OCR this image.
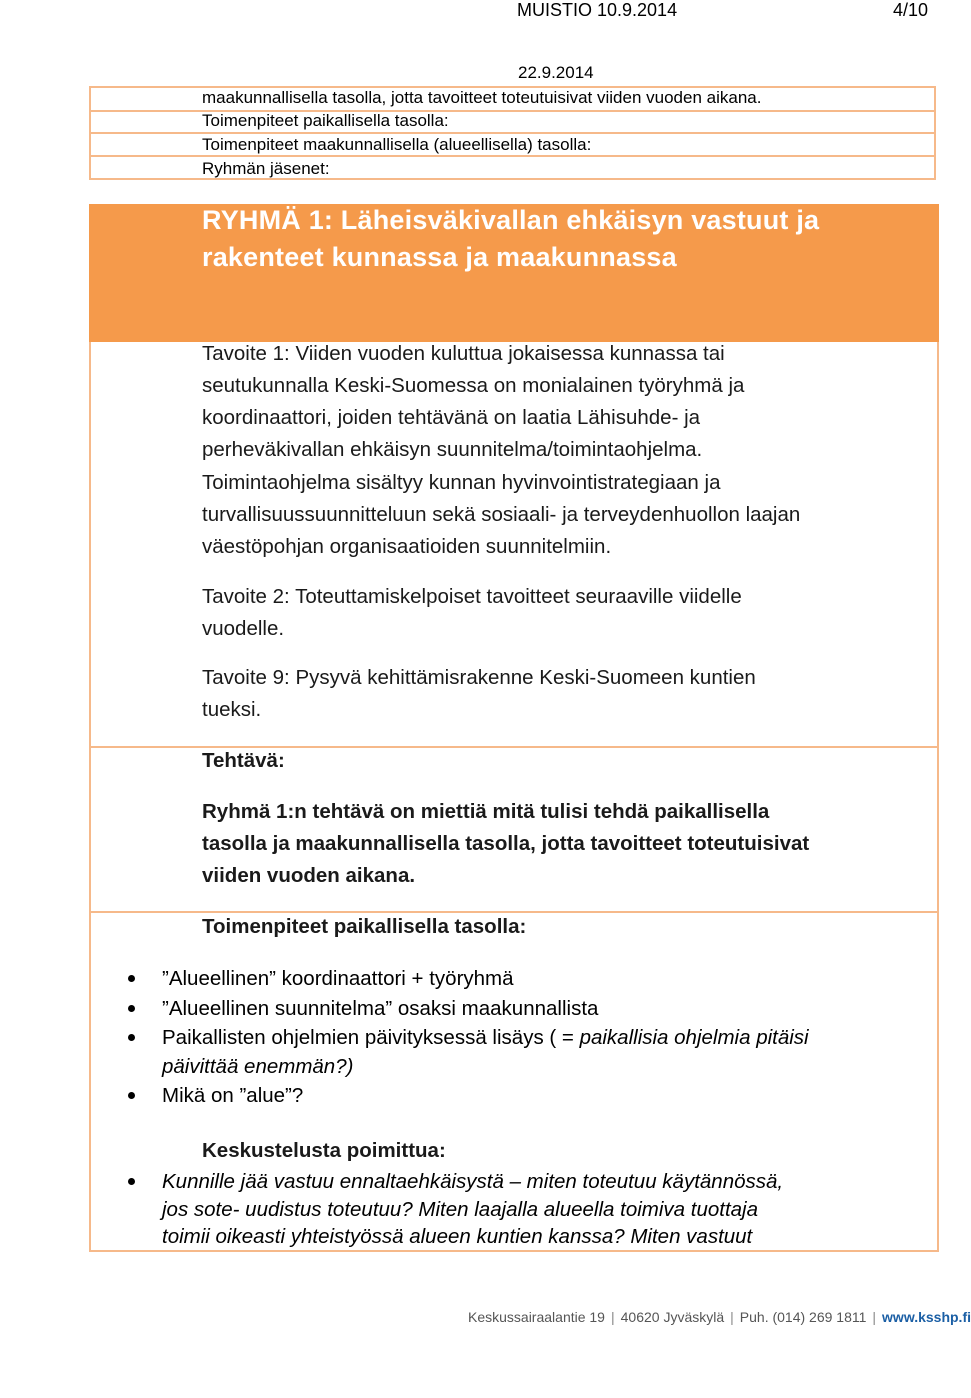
MUISTIO 10.9.2014	4/10
22.9.2014
maakunnallisella tasolla, jotta tavoitteet toteutuisivat viiden vuoden aikana.
Toimenpiteet paikallisella tasolla:
Toimenpiteet maakunnallisella (alueellisella) tasolla:
Ryhmän jäsenet:
RYHMÄ 1: Läheisväkivallan ehkäisyn vastuut ja
rakenteet kunnassa ja maakunnassa
Tavoite 1: Viiden vuoden kuluttua jokaisessa kunnassa tai
seutukunnalla Keski-Suomessa on monialainen työryhmä ja
koordinaattori, joiden tehtävänä on laatia Lähisuhde- ja
perheväkivallan ehkäisyn suunnitelma/toimintaohjelma.
Toimintaohjelma sisältyy kunnan hyvinvointistrategiaan ja
turvallisuussuunnitteluun sekä sosiaali- ja terveydenhuollon laajan
väestöpohjan organisaatioiden suunnitelmiin.
Tavoite 2: Toteuttamiskelpoiset tavoitteet seuraaville viidelle
vuodelle.
Tavoite 9: Pysyvä kehittämisrakenne Keski-Suomeen kuntien
tueksi.
Tehtävä:
Ryhmä 1:n tehtävä on miettiä mitä tulisi tehdä paikallisella
tasolla ja maakunnallisella tasolla, jotta tavoitteet toteutuisivat
viiden vuoden aikana.
Toimenpiteet paikallisella tasolla:
”Alueellinen” koordinaattori + työryhmä
”Alueellinen suunnitelma” osaksi maakunnallista
Paikallisten ohjelmien päivityksessä lisäys ( = paikallisia ohjelmia pitäisi
päivittää enemmän?)
Mikä on ”alue”?
Keskustelusta poimittua:
Kunnille jää vastuu ennaltaehkäisystä – miten toteutuu käytännössä,
jos sote- uudistus toteutuu? Miten laajalla alueella toimiva tuottaja
toimii oikeasti yhteistyössä alueen kuntien kanssa? Miten vastuut
Keskussairaalantie 19 | 40620 Jyväskylä | Puh. (014) 269 1811 | www.ksshp.fi
